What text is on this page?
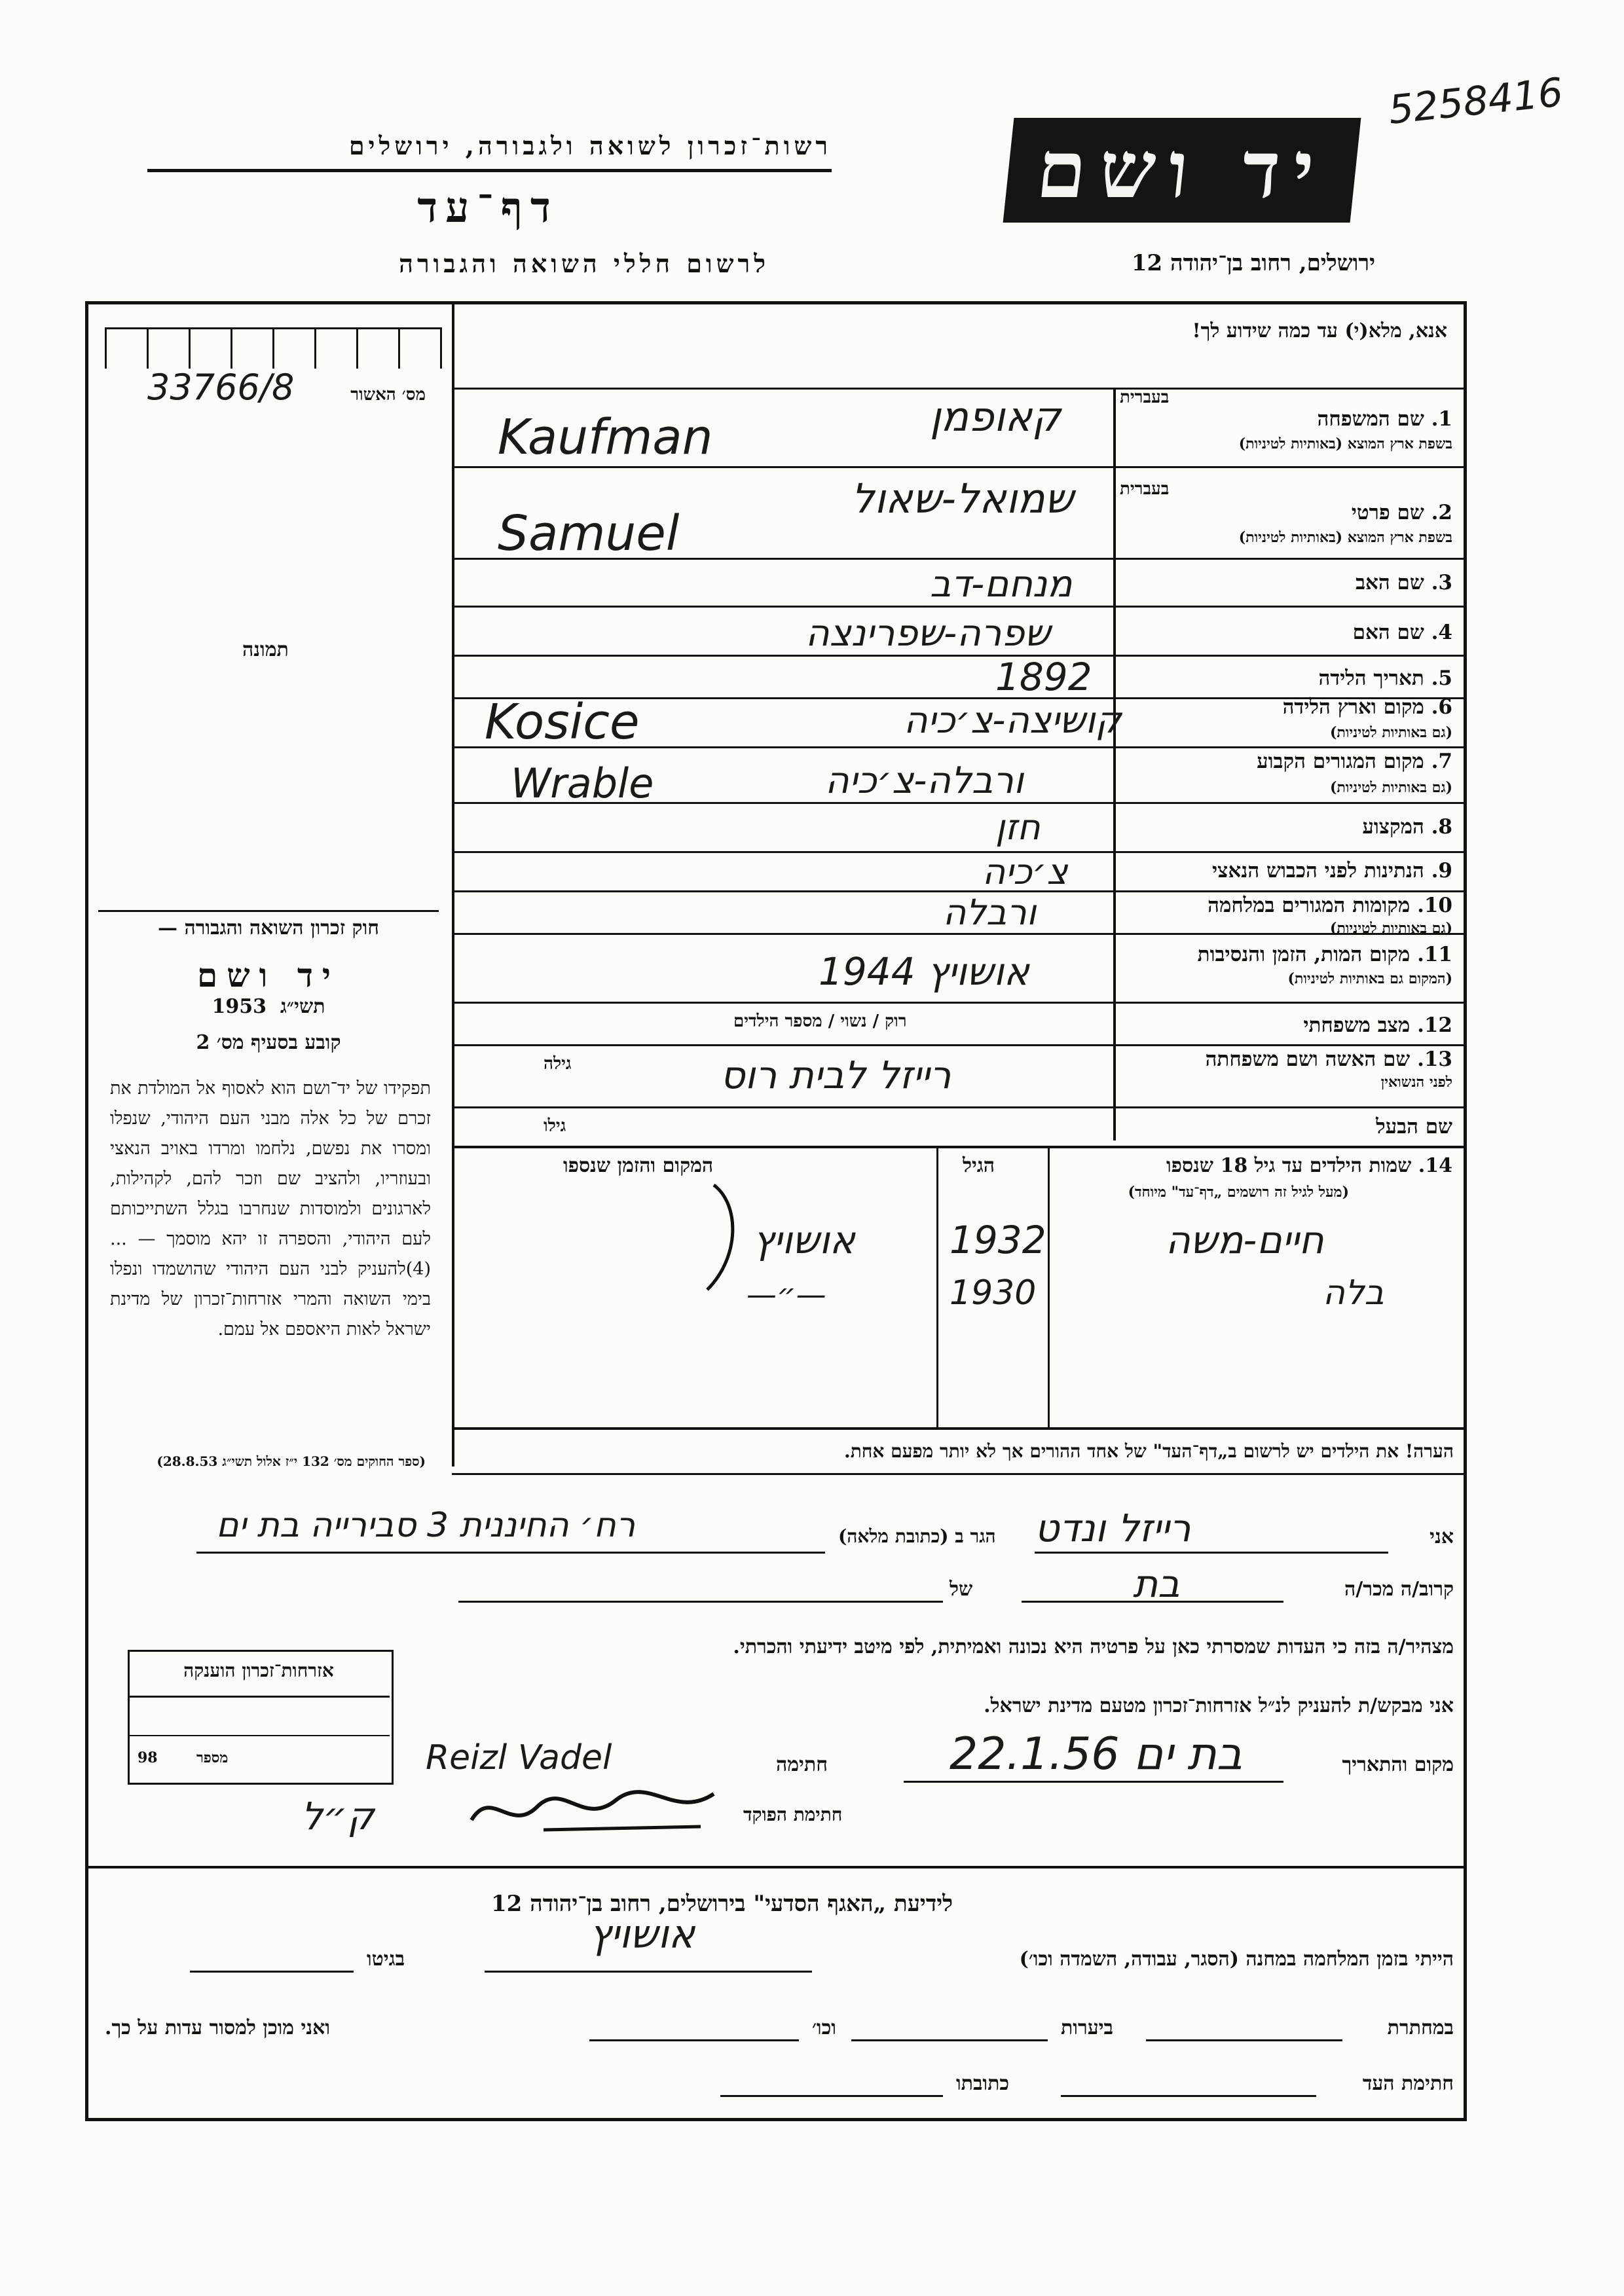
רשות־זכרון לשואה ולגבורה, ירושלים
דף־עד
לרשום חללי השואה והגבורה
יד ושם
ירושלים, רחוב בן־יהודה 12
5258416
אנא, מלא(י) עד כמה שידוע לך!
33766/8	מס׳ האשור
תמונה
1. שם המשפחה
בשפת ארץ המוצא (באותיות לטיניות)
בעברית
2. שם פרטי
בשפת ארץ המוצא (באותיות לטיניות)
בעברית
3. שם האב
4. שם האם
5. תאריך הלידה
6. מקום וארץ הלידה
(גם באותיות לטיניות)
7. מקום המגורים הקבוע
(גם באותיות לטיניות)
8. המקצוע
9. הנתינות לפני הכבוש הנאצי
10. מקומות המגורים במלחמה
(גם באותיות לטיניות)
11. מקום המות, הזמן והנסיבות
(המקום גם באותיות לטיניות)
12. מצב משפחתי
רוק / נשוי / מספר הילדים
13. שם האשה ושם משפחתה
לפני הנשואין
גילה
שם הבעל
גילו
קאופמן
Kaufman
שמואל-שאול
Samuel
מנחם-דב
שפרה-שפרינצה
1892
קושיצה-צ׳כיה
Kosice
ורבלה-צ׳כיה
Wrable
חזן
צ׳כיה
ורבלה
אושויץ 1944
רייזל לבית רוס
חוק זכרון השואה והגבורה —
יד ושם
1953 תשי״ג
קובע בסעיף מס׳ 2
תפקידו של יד־ושם הוא לאסוף אל המולדת את זכרם של כל אלה מבני העם היהודי, שנפלו ומסרו את נפשם, נלחמו ומרדו באויב הנאצי ובעוזריו, ולהציב שם וזכר להם, לקהילות, לארגונים ולמוסדות שנחרבו בגלל השתייכותם לעם היהודי, והספרה זו יהא מוסמך — ...(4)להעניק לבני העם היהודי שהושמדו ונפלו בימי השואה והמרי אזרחות־זכרון של מדינת ישראל לאות היאספם אל עמם.
(ספר החוקים מס׳ 132 י״ז אלול תשי״ג 28.8.53)
14. שמות הילדים עד גיל 18 שנספו
(מעל לגיל זה רושמים „דף־עד" מיוחד)
הגיל
המקום והזמן שנספו
חיים-משה
1932
אושויץ
בלה
1930
—״—
הערה! את הילדים יש לרשום ב„דף־העד" של אחד ההורים אך לא יותר מפעם אחת.
אני
רייזל ונדט
הגר ב (כתובת מלאה)
רח׳ החיננית 3 סבירייה בת ים
קרוב/ה מכר/ה
בת
של
מצהיר/ה בזה כי העדות שמסרתי כאן על פרטיה היא נכונה ואמיתית, לפי מיטב ידיעתי והכרתי.
אני מבקש/ת להעניק לנ״ל אזרחות־זכרון מטעם מדינת ישראל.
מקום והתאריך
בת ים 22.1.56
חתימה
Reizl Vadel
חתימת הפוקד
ק״ל
אזרחות־זכרון הוענקה
מספר
98
לידיעת „האגף הסדעי" בירושלים, רחוב בן־יהודה 12
הייתי בזמן המלחמה במחנה (הסגר, עבודה, השמדה וכו׳)
אושויץ
בגיטו
במחתרת
ביערות
וכו׳
ואני מוכן למסור עדות על כך.
חתימת העד
כתובתו
